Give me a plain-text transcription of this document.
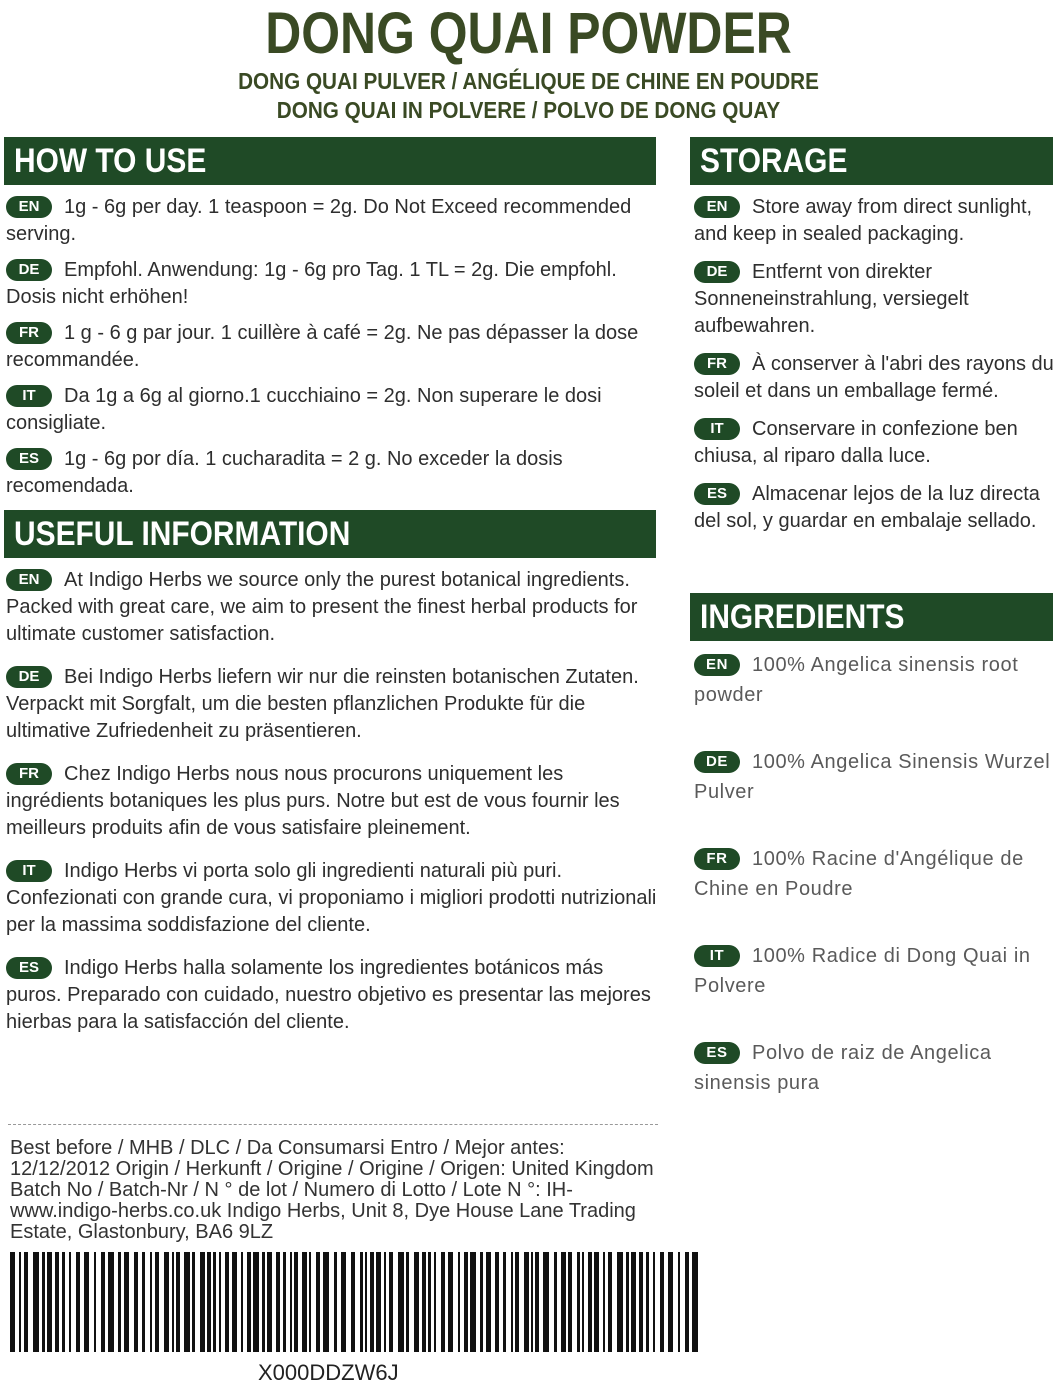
DONG QUAI POWDER
DONG QUAI PULVER / ANGÉLIQUE DE CHINE EN POUDRE
DONG QUAI IN POLVERE / POLVO DE DONG QUAY
HOW TO USE
EN 1g - 6g per day. 1 teaspoon = 2g. Do Not Exceed recommended serving.
DE Empfohl. Anwendung: 1g - 6g pro Tag. 1 TL = 2g. Die empfohl. Dosis nicht erhöhen!
FR 1 g - 6 g par jour. 1 cuillère à café = 2g. Ne pas dépasser la dose recommandée.
IT Da 1g a 6g al giorno.1 cucchiaino = 2g. Non superare le dosi consigliate.
ES 1g - 6g por día. 1 cucharadita = 2 g. No exceder la dosis recomendada.
USEFUL INFORMATION
EN At Indigo Herbs we source only the purest botanical ingredients. Packed with great care, we aim to present the finest herbal products for ultimate customer satisfaction.
DE Bei Indigo Herbs liefern wir nur die reinsten botanischen Zutaten. Verpackt mit Sorgfalt, um die besten pflanzlichen Produkte für die ultimative Zufriedenheit zu präsentieren.
FR Chez Indigo Herbs nous nous procurons uniquement les ingrédients botaniques les plus purs. Notre but est de vous fournir les meilleurs produits afin de vous satisfaire pleinement.
IT Indigo Herbs vi porta solo gli ingredienti naturali più puri. Confezionati con grande cura, vi proponiamo i migliori prodotti nutrizionali per la massima soddisfazione del cliente.
ES Indigo Herbs halla solamente los ingredientes botánicos más puros. Preparado con cuidado, nuestro objetivo es presentar las mejores hierbas para la satisfacción del cliente.
STORAGE
EN Store away from direct sunlight, and keep in sealed packaging.
DE Entfernt von direkter Sonneneinstrahlung, versiegelt aufbewahren.
FR À conserver à l'abri des rayons du soleil et dans un emballage fermé.
IT Conservare in confezione ben chiusa, al riparo dalla luce.
ES Almacenar lejos de la luz directa del sol, y guardar en embalaje sellado.
INGREDIENTS
EN 100% Angelica sinensis root powder
DE 100% Angelica Sinensis Wurzel Pulver
FR 100% Racine d'Angélique de Chine en Poudre
IT 100% Radice di Dong Quai in Polvere
ES Polvo de raiz de Angelica sinensis pura
Best before / MHB / DLC / Da Consumarsi Entro / Mejor antes: 12/12/2012 Origin / Herkunft / Origine / Origine / Origen: United Kingdom Batch No / Batch-Nr / N ° de lot / Numero di Lotto / Lote N °: IH- www.indigo-herbs.co.uk Indigo Herbs, Unit 8, Dye House Lane Trading Estate, Glastonbury, BA6 9LZ
X000DDZW6J
